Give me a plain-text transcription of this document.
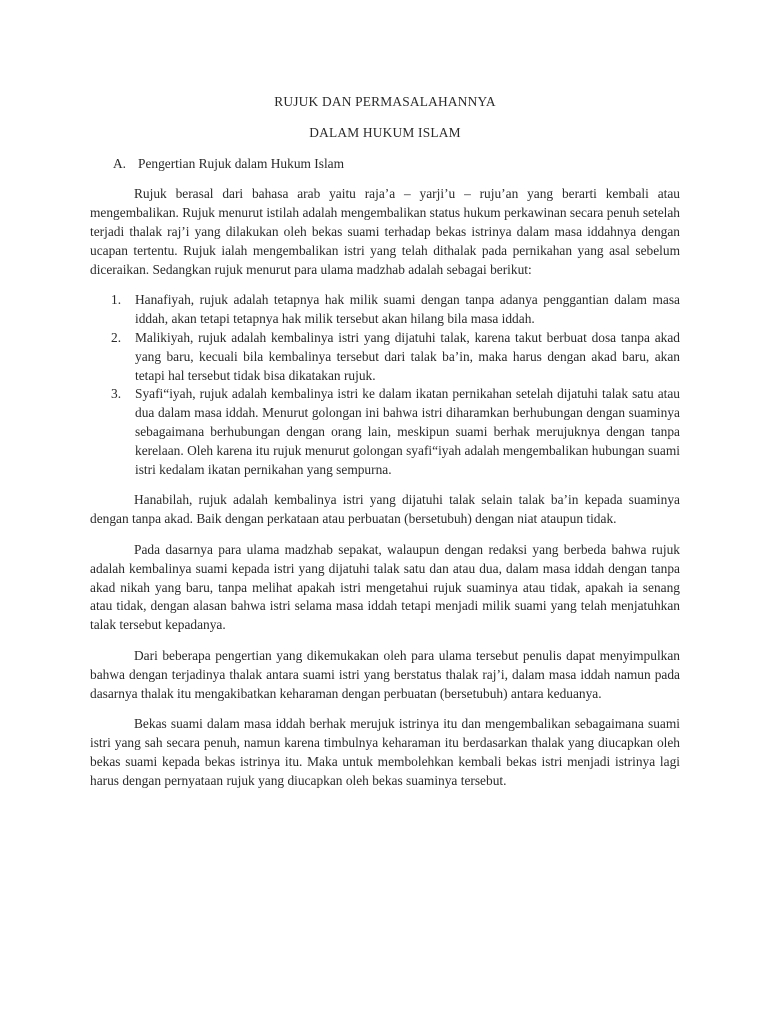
RUJUK DAN PERMASALAHANNYA
DALAM HUKUM ISLAM
A. Pengertian Rujuk dalam Hukum Islam

Rujuk berasal dari bahasa arab yaitu raja’a – yarji’u – ruju’an yang berarti kembali atau mengembalikan. Rujuk menurut istilah adalah mengembalikan status hukum perkawinan secara penuh setelah terjadi thalak raj’i yang dilakukan oleh bekas suami terhadap bekas istrinya dalam masa iddahnya dengan ucapan tertentu. Rujuk ialah mengembalikan istri yang telah dithalak pada pernikahan yang asal sebelum diceraikan. Sedangkan rujuk menurut para ulama madzhab adalah sebagai berikut:

1.	Hanafiyah, rujuk adalah tetapnya hak milik suami dengan tanpa adanya penggantian dalam masa iddah, akan tetapi tetapnya hak milik tersebut akan hilang bila masa iddah.
2.	Malikiyah, rujuk adalah kembalinya istri yang dijatuhi talak, karena takut berbuat dosa tanpa akad yang baru, kecuali bila kembalinya tersebut dari talak ba’in, maka harus dengan akad baru, akan tetapi hal tersebut tidak bisa dikatakan rujuk.
3.	Syafi“iyah, rujuk adalah kembalinya istri ke dalam ikatan pernikahan setelah dijatuhi talak satu atau dua dalam masa iddah. Menurut golongan ini bahwa istri diharamkan berhubungan dengan suaminya sebagaimana berhubungan dengan orang lain, meskipun suami berhak merujuknya dengan tanpa kerelaan. Oleh karena itu rujuk menurut golongan syafi“iyah adalah mengembalikan hubungan suami istri kedalam ikatan pernikahan yang sempurna.

Hanabilah, rujuk adalah kembalinya istri yang dijatuhi talak selain talak ba’in kepada suaminya dengan tanpa akad. Baik dengan perkataan atau perbuatan (bersetubuh) dengan niat ataupun tidak.

Pada dasarnya para ulama madzhab sepakat, walaupun dengan redaksi yang berbeda bahwa rujuk adalah kembalinya suami kepada istri yang dijatuhi talak satu dan atau dua, dalam masa iddah dengan tanpa akad nikah yang baru, tanpa melihat apakah istri mengetahui rujuk suaminya atau tidak, apakah ia senang atau tidak, dengan alasan bahwa istri selama masa iddah tetapi menjadi milik suami yang telah menjatuhkan talak tersebut kepadanya.

Dari beberapa pengertian yang dikemukakan oleh para ulama tersebut penulis dapat menyimpulkan bahwa dengan terjadinya thalak antara suami istri yang berstatus thalak raj’i, dalam masa iddah namun pada dasarnya thalak itu mengakibatkan keharaman dengan perbuatan (bersetubuh) antara keduanya.

Bekas suami dalam masa iddah berhak merujuk istrinya itu dan mengembalikan sebagaimana suami istri yang sah secara penuh, namun karena timbulnya keharaman itu berdasarkan thalak yang diucapkan oleh bekas suami kepada bekas istrinya itu. Maka untuk membolehkan kembali bekas istri menjadi istrinya lagi harus dengan pernyataan rujuk yang diucapkan oleh bekas suaminya tersebut.
